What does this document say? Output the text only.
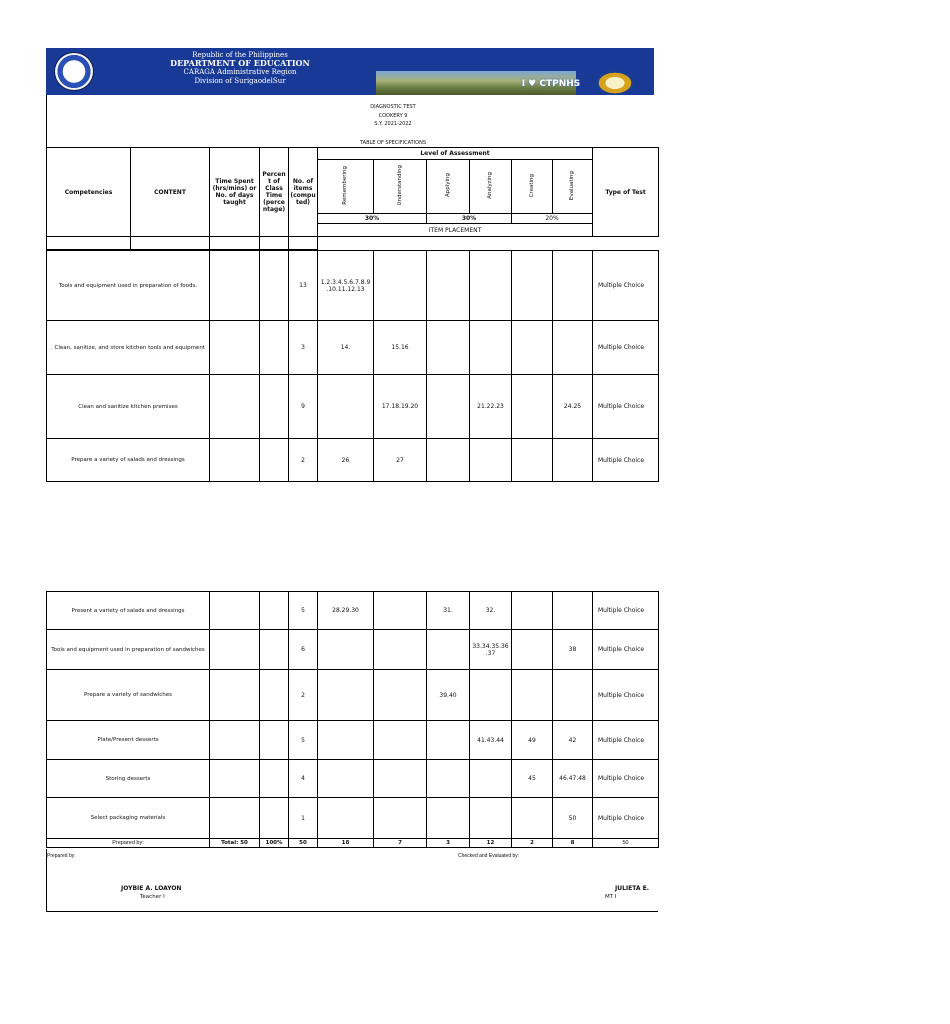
Republic of the Philippines
DEPARTMENT OF EDUCATION
CARAGA Administrative Region
Division of SurigaodelSur
CLARENCE TY PIMENTEL NATIONAL HIGH SCHOOL
Sumo-sumo, Tago, Surigaodel Sur
ID No. 317907
I ♥ CTPNHS
DIAGNOSTIC TEST
COOKERY 9
S.Y. 2021-2022
TABLE OF SPECIFICATIONS
Competencies	CONTENT	Time Spent (hrs/mins) or No. of days taught	Percen t of Class Time (perce ntage)	No. of items (compu ted)	Level of Assessment						Type of Test
					Remembering	Understanding	Applying	Analyzing	Creating	Evaluating	
					30%		30%		20%		
					ITEM PLACEMENT						

Tools and equipment used in preparation of foods.			13	1.2.3.4.5.6.7.8.9 .10.11.12.13						Multiple Choice
. Clean, sanitize, and store kitchen tools and equipment			3	14.	15.16					Multiple Choice
Clean and sanitize kitchen premises			9		17.18.19.20		21.22.23		24.25	Multiple Choice
Prepare a variety of salads and dressings			2	26	27					Multiple Choice
Present a variety of salads and dressings			5	28.29.30		31.	32.			Multiple Choice
Tools and equipment used in preparation of sandwiches			6				33.34.35.36 .37		38	Multiple Choice
Prepare a variety of sandwiches			2			39.40				Multiple Choice
Plate/Present desserts			5				41.43.44	49	42	Multiple Choice
Storing desserts			4					45	46.47.48	Multiple Choice
Select packaging materials			1						50	Multiple Choice
Prepared by:	Total: 50	100%	50	18	7	3	12	2	8	50
Prepared by:	Checked and Evaluated by:
JOYBIE A. LOAYON
Teacher I
JULIETA E.
MT I
